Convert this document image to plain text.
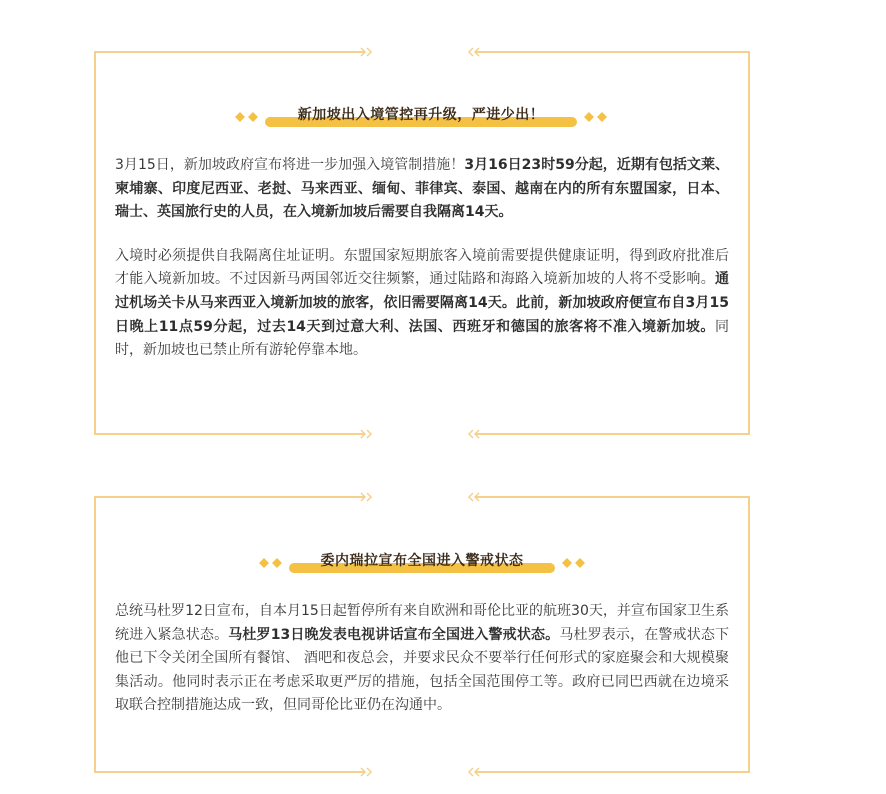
新加坡出入境管控再升级，严进少出！

3月15日，新加坡政府宣布将进一步加强入境管制措施！3月16日23时59分起，近期有包括文莱、柬埔寨、印度尼西亚、老挝、马来西亚、缅甸、菲律宾、泰国、越南在内的所有东盟国家，日本、瑞士、英国旅行史的人员，在入境新加坡后需要自我隔离14天。

入境时必须提供自我隔离住址证明。东盟国家短期旅客入境前需要提供健康证明，得到政府批准后才能入境新加坡。不过因新马两国邻近交往频繁，通过陆路和海路入境新加坡的人将不受影响。通过机场关卡从马来西亚入境新加坡的旅客，依旧需要隔离14天。此前，新加坡政府便宣布自3月15日晚上11点59分起，过去14天到过意大利、法国、西班牙和德国的旅客将不准入境新加坡。同时，新加坡也已禁止所有游轮停靠本地。

委内瑞拉宣布全国进入警戒状态

总统马杜罗12日宣布，自本月15日起暂停所有来自欧洲和哥伦比亚的航班30天，并宣布国家卫生系统进入紧急状态。马杜罗13日晚发表电视讲话宣布全国进入警戒状态。马杜罗表示，在警戒状态下他已下令关闭全国所有餐馆、 酒吧和夜总会，并要求民众不要举行任何形式的家庭聚会和大规模聚集活动。他同时表示正在考虑采取更严厉的措施，包括全国范围停工等。政府已同巴西就在边境采取联合控制措施达成一致，但同哥伦比亚仍在沟通中。
